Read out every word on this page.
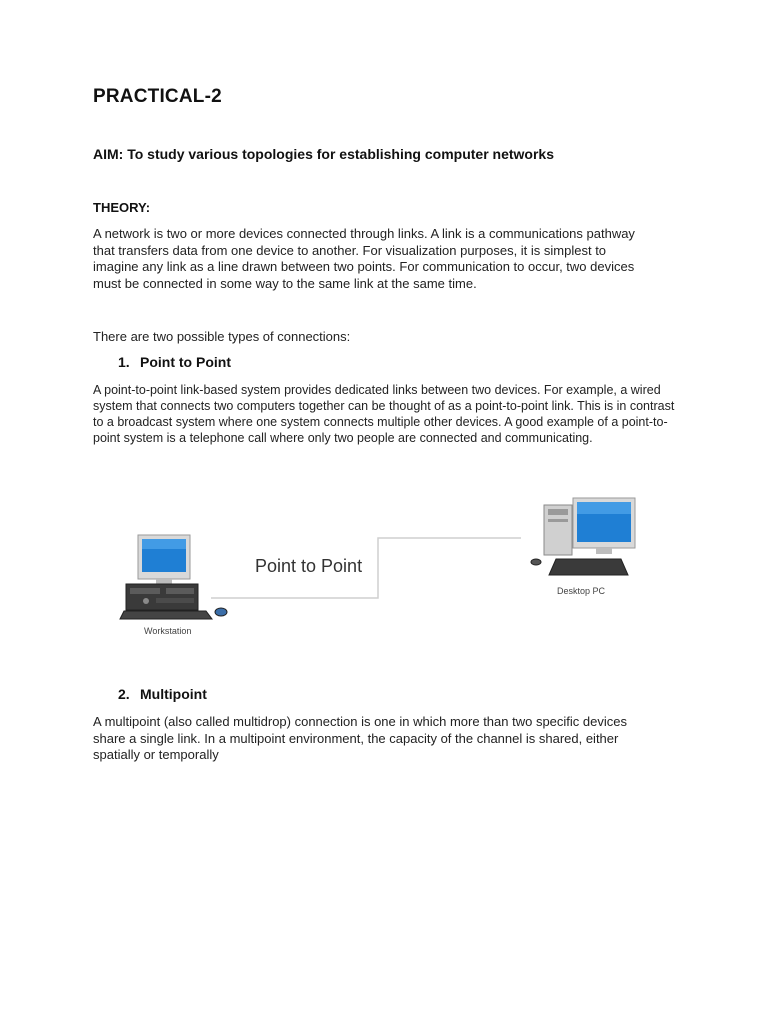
PRACTICAL-2
AIM: To study various topologies for establishing computer networks
THEORY:
A network is two or more devices connected through links. A link is a communications pathway that transfers data from one device to another. For visualization purposes, it is simplest to imagine any link as a line drawn between two points. For communication to occur, two devices must be connected in some way to the same link at the same time.
There are two possible types of connections:
1. Point to Point
A point-to-point link-based system provides dedicated links between two devices. For example, a wired system that connects two computers together can be thought of as a point-to-point link. This is in contrast to a broadcast system where one system connects multiple other devices. A good example of a point-to-point system is a telephone call where only two people are connected and communicating.
Point to Point
Workstation
Desktop PC
2. Multipoint
A multipoint (also called multidrop) connection is one in which more than two specific devices share a single link. In a multipoint environment, the capacity of the channel is shared, either spatially or temporally
